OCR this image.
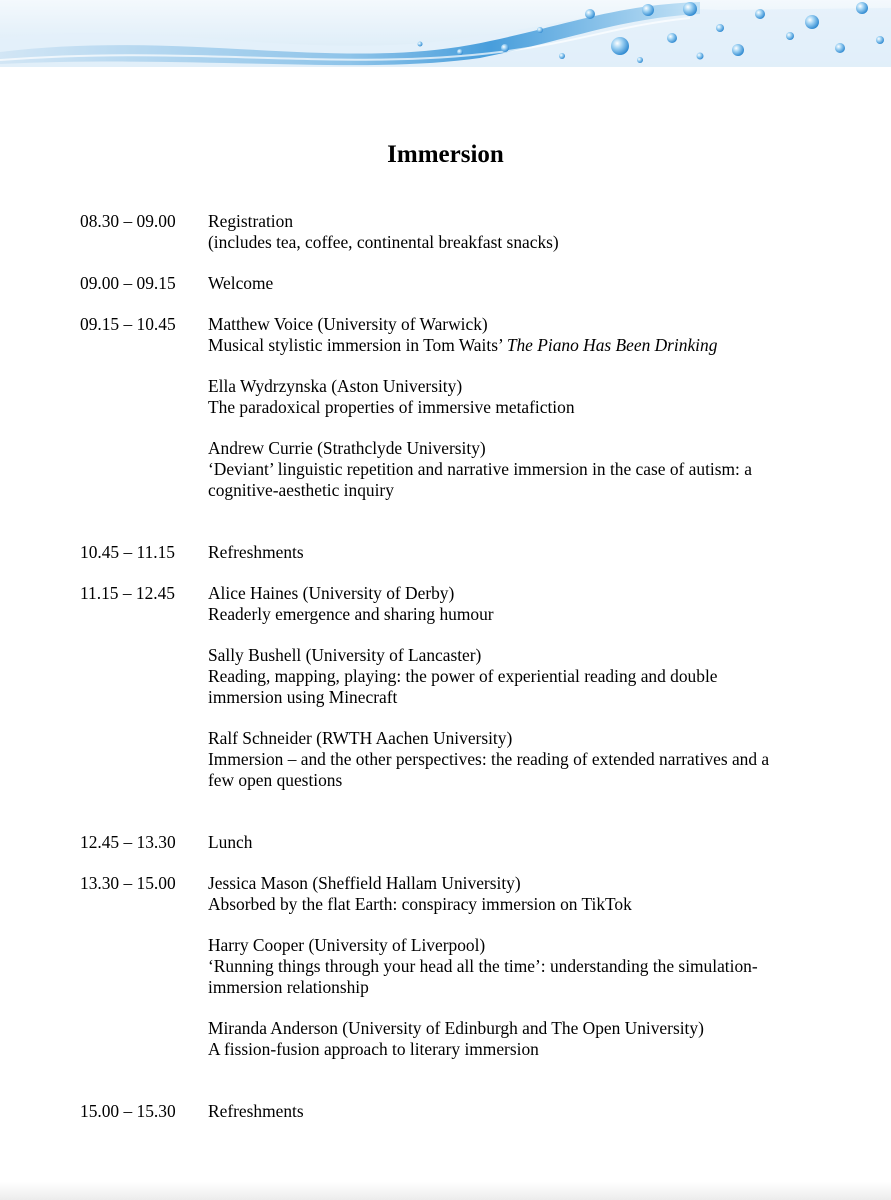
Immersion
08.30 – 09.00	Registration
(includes tea, coffee, continental breakfast snacks)
09.00 – 09.15	Welcome
09.15 – 10.45	Matthew Voice (University of Warwick)
Musical stylistic immersion in Tom Waits’ The Piano Has Been Drinking
Ella Wydrzynska (Aston University)
The paradoxical properties of immersive metafiction
Andrew Currie (Strathclyde University)
‘Deviant’ linguistic repetition and narrative immersion in the case of autism: a
cognitive-aesthetic inquiry
10.45 – 11.15	Refreshments
11.15 – 12.45	Alice Haines (University of Derby)
Readerly emergence and sharing humour
Sally Bushell (University of Lancaster)
Reading, mapping, playing: the power of experiential reading and double
immersion using Minecraft
Ralf Schneider (RWTH Aachen University)
Immersion – and the other perspectives: the reading of extended narratives and a
few open questions
12.45 – 13.30	Lunch
13.30 – 15.00	Jessica Mason (Sheffield Hallam University)
Absorbed by the flat Earth: conspiracy immersion on TikTok
Harry Cooper (University of Liverpool)
‘Running things through your head all the time’: understanding the simulation-
immersion relationship
Miranda Anderson (University of Edinburgh and The Open University)
A fission-fusion approach to literary immersion
15.00 – 15.30	Refreshments
